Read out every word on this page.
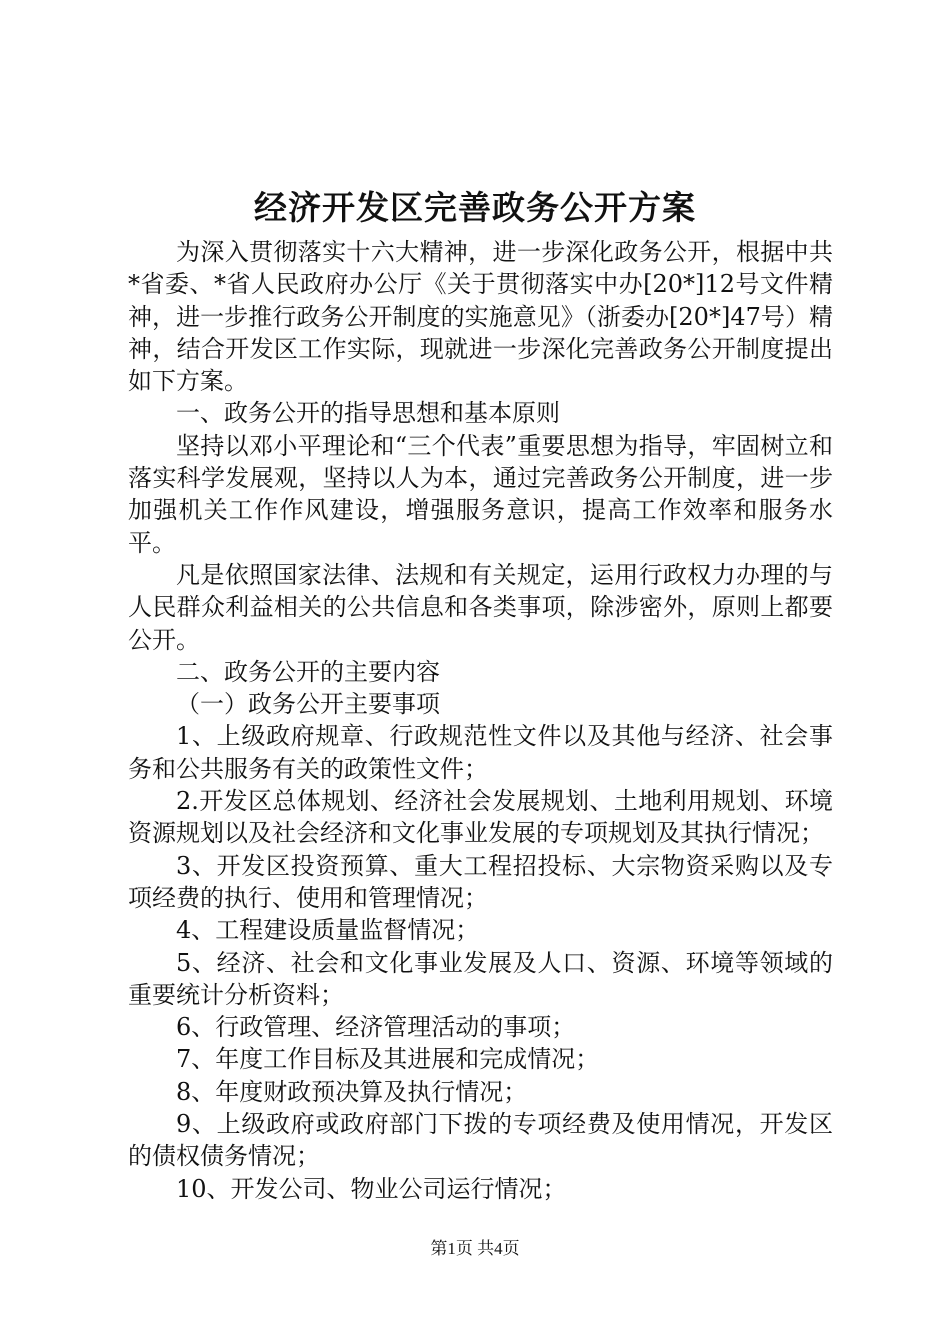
经济开发区完善政务公开方案

为深入贯彻落实十六大精神，进一步深化政务公开，根据中共*省委、*省人民政府办公厅《关于贯彻落实中办[20*]12号文件精神，进一步推行政务公开制度的实施意见》（浙委办[20*]47号）精神，结合开发区工作实际，现就进一步深化完善政务公开制度提出如下方案。

一、政务公开的指导思想和基本原则

坚持以邓小平理论和“三个代表”重要思想为指导，牢固树立和落实科学发展观，坚持以人为本，通过完善政务公开制度，进一步加强机关工作作风建设，增强服务意识，提高工作效率和服务水平。

凡是依照国家法律、法规和有关规定，运用行政权力办理的与人民群众利益相关的公共信息和各类事项，除涉密外，原则上都要公开。

二、政务公开的主要内容

（一）政务公开主要事项

1、上级政府规章、行政规范性文件以及其他与经济、社会事务和公共服务有关的政策性文件；

2.开发区总体规划、经济社会发展规划、土地利用规划、环境资源规划以及社会经济和文化事业发展的专项规划及其执行情况；

3、开发区投资预算、重大工程招投标、大宗物资采购以及专项经费的执行、使用和管理情况；

4、工程建设质量监督情况；

5、经济、社会和文化事业发展及人口、资源、环境等领域的重要统计分析资料；

6、行政管理、经济管理活动的事项；

7、年度工作目标及其进展和完成情况；

8、年度财政预决算及执行情况；

9、上级政府或政府部门下拨的专项经费及使用情况，开发区的债权债务情况；

10、开发公司、物业公司运行情况；

第1页 共4页
